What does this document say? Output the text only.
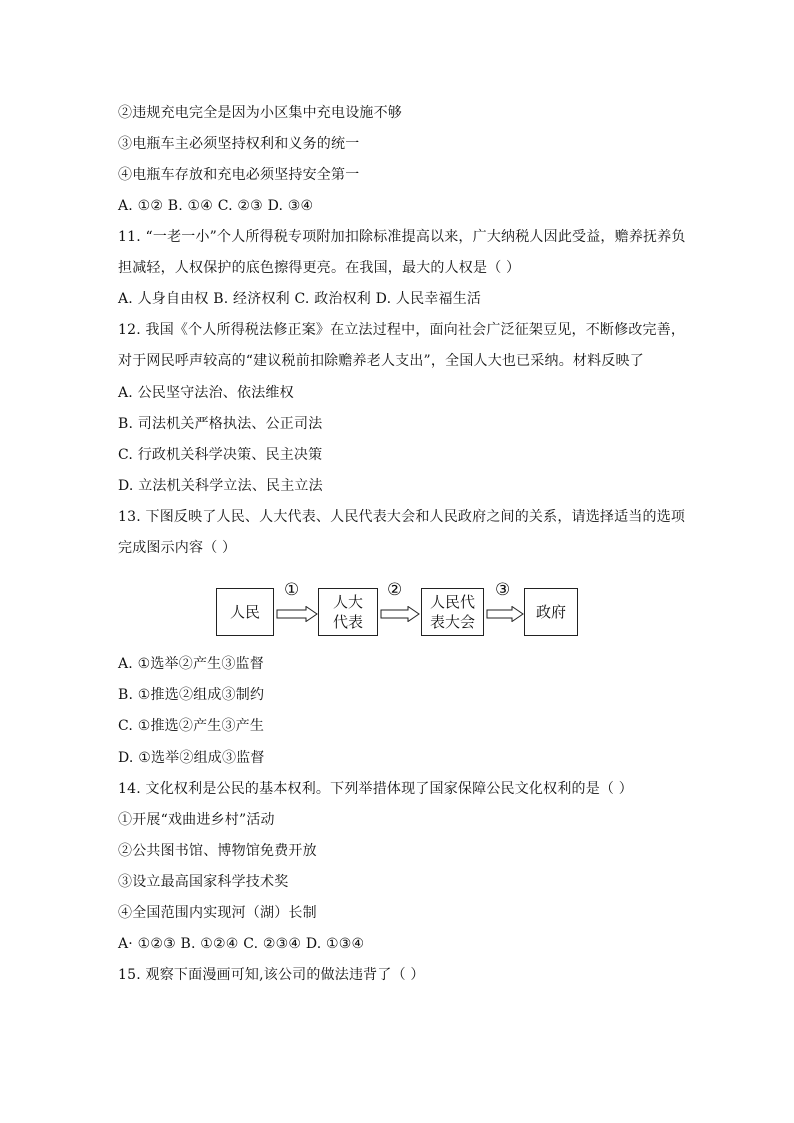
②违规充电完全是因为小区集中充电设施不够
③电瓶车主必须坚持权利和义务的统一
④电瓶车存放和充电必须坚持安全第一
A. ①② B. ①④ C. ②③ D. ③④
11. “一老一小”个人所得税专项附加扣除标准提高以来，广大纳税人因此受益，赡养抚养负
担减轻，人权保护的底色擦得更亮。在我国，最大的人权是（ ）
A. 人身自由权 B. 经济权利 C. 政治权利 D. 人民幸福生活
12. 我国《个人所得税法修正案》在立法过程中，面向社会广泛征架豆见，不断修改完善，
对于网民呼声较高的“建议税前扣除赡养老人支出”，全国人大也已采纳。材料反映了
A. 公民坚守法治、依法维权
B. 司法机关严格执法、公正司法
C. 行政机关科学决策、民主决策
D. 立法机关科学立法、民主立法
13. 下图反映了人民、人大代表、人民代表大会和人民政府之间的关系，请选择适当的选项
完成图示内容（ ）
人民
①
人大
代表
②
人民代
表大会
③
政府
A. ①选举②产生③监督
B. ①推选②组成③制约
C. ①推选②产生③产生
D. ①选举②组成③监督
14. 文化权利是公民的基本权利。下列举措体现了国家保障公民文化权利的是（ ）
①开展“戏曲进乡村”活动
②公共图书馆、博物馆免费开放
③设立最高国家科学技术奖
④全国范围内实现河（湖）长制
A· ①②③ B. ①②④ C. ②③④ D. ①③④
15. 观察下面漫画可知,该公司的做法违背了（ ）
